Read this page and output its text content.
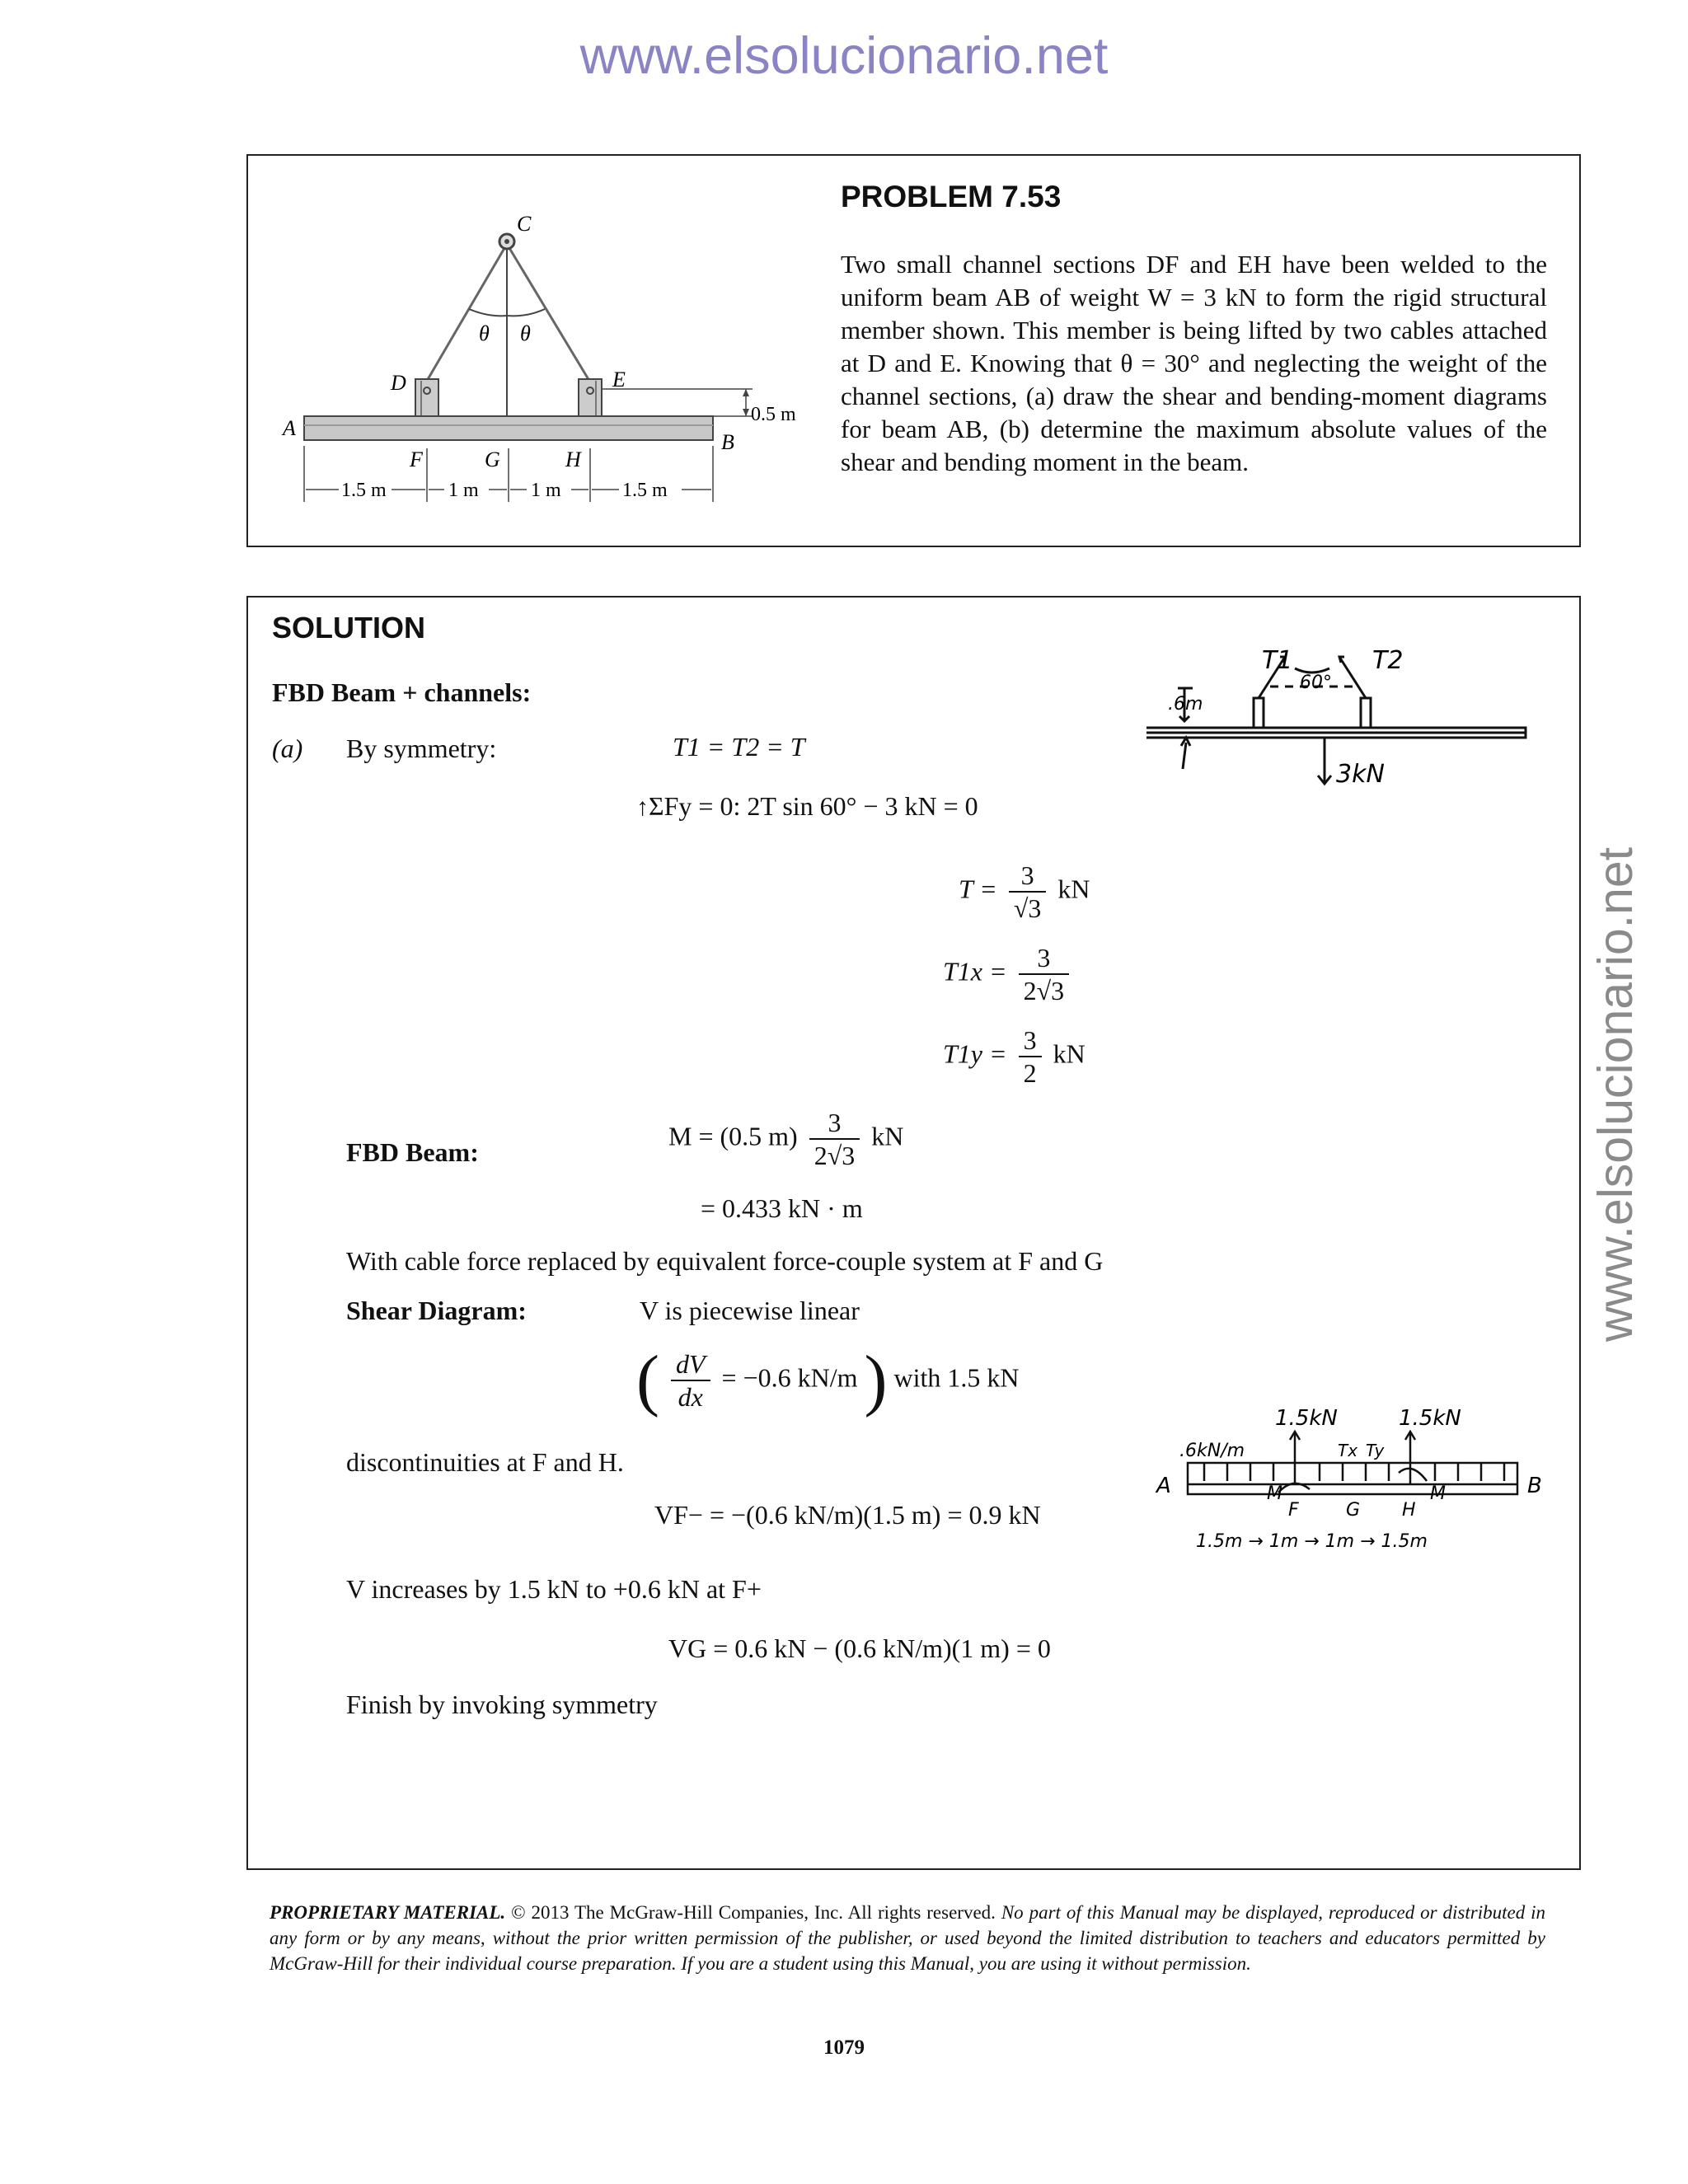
www.elsolucionario.net
www.elsolucionario.net
C
θ θ
D	E
A
B
F	G	H
0.5 m
1.5 m	1 m	1 m	1.5 m
PROBLEM 7.53
Two small channel sections DF and EH have been welded to the uniform beam AB of weight W = 3 kN to form the rigid structural member shown. This member is being lifted by two cables attached at D and E. Knowing that θ = 30° and neglecting the weight of the channel sections, (a) draw the shear and bending-moment diagrams for beam AB, (b) determine the maximum absolute values of the shear and bending moment in the beam.
SOLUTION
FBD Beam + channels:
(a) By symmetry:	T1 = T2 = T
↑ΣFy = 0: 2T sin 60° − 3 kN = 0
$T = \frac{3}{√3}$ kN
$T1x = \frac{3}{2√3}$
$T1y = \frac{3}{2}$ kN
FBD Beam:
M = (0.5 $m) \frac{3}{2√3}$ kN
= 0.433 kN · m
With cable force replaced by equivalent force-couple system at F and G
Shear Diagram:	V is piecewise linear
( $\frac{dV}{dx} = -0.6$ kN/m ) with 1.5 kN
discontinuities at F and H.
VF− = −(0.6 kN/m)(1.5 m) = 0.9 kN
V increases by 1.5 kN to +0.6 kN at F+
VG = 0.6 kN − (0.6 kN/m)(1 m) = 0
Finish by invoking symmetry
T1
60°
T2
.6m
3kN
1.5kN	1.5kN
.6kN/m	Tx Ty
A	B
M	M
F	G H
1.5m → 1m → 1m → 1.5m
PROPRIETARY MATERIAL. © 2013 The McGraw-Hill Companies, Inc. All rights reserved. No part of this Manual may be displayed, reproduced or distributed in any form or by any means, without the prior written permission of the publisher, or used beyond the limited distribution to teachers and educators permitted by McGraw-Hill for their individual course preparation. If you are a student using this Manual, you are using it without permission.
1079
